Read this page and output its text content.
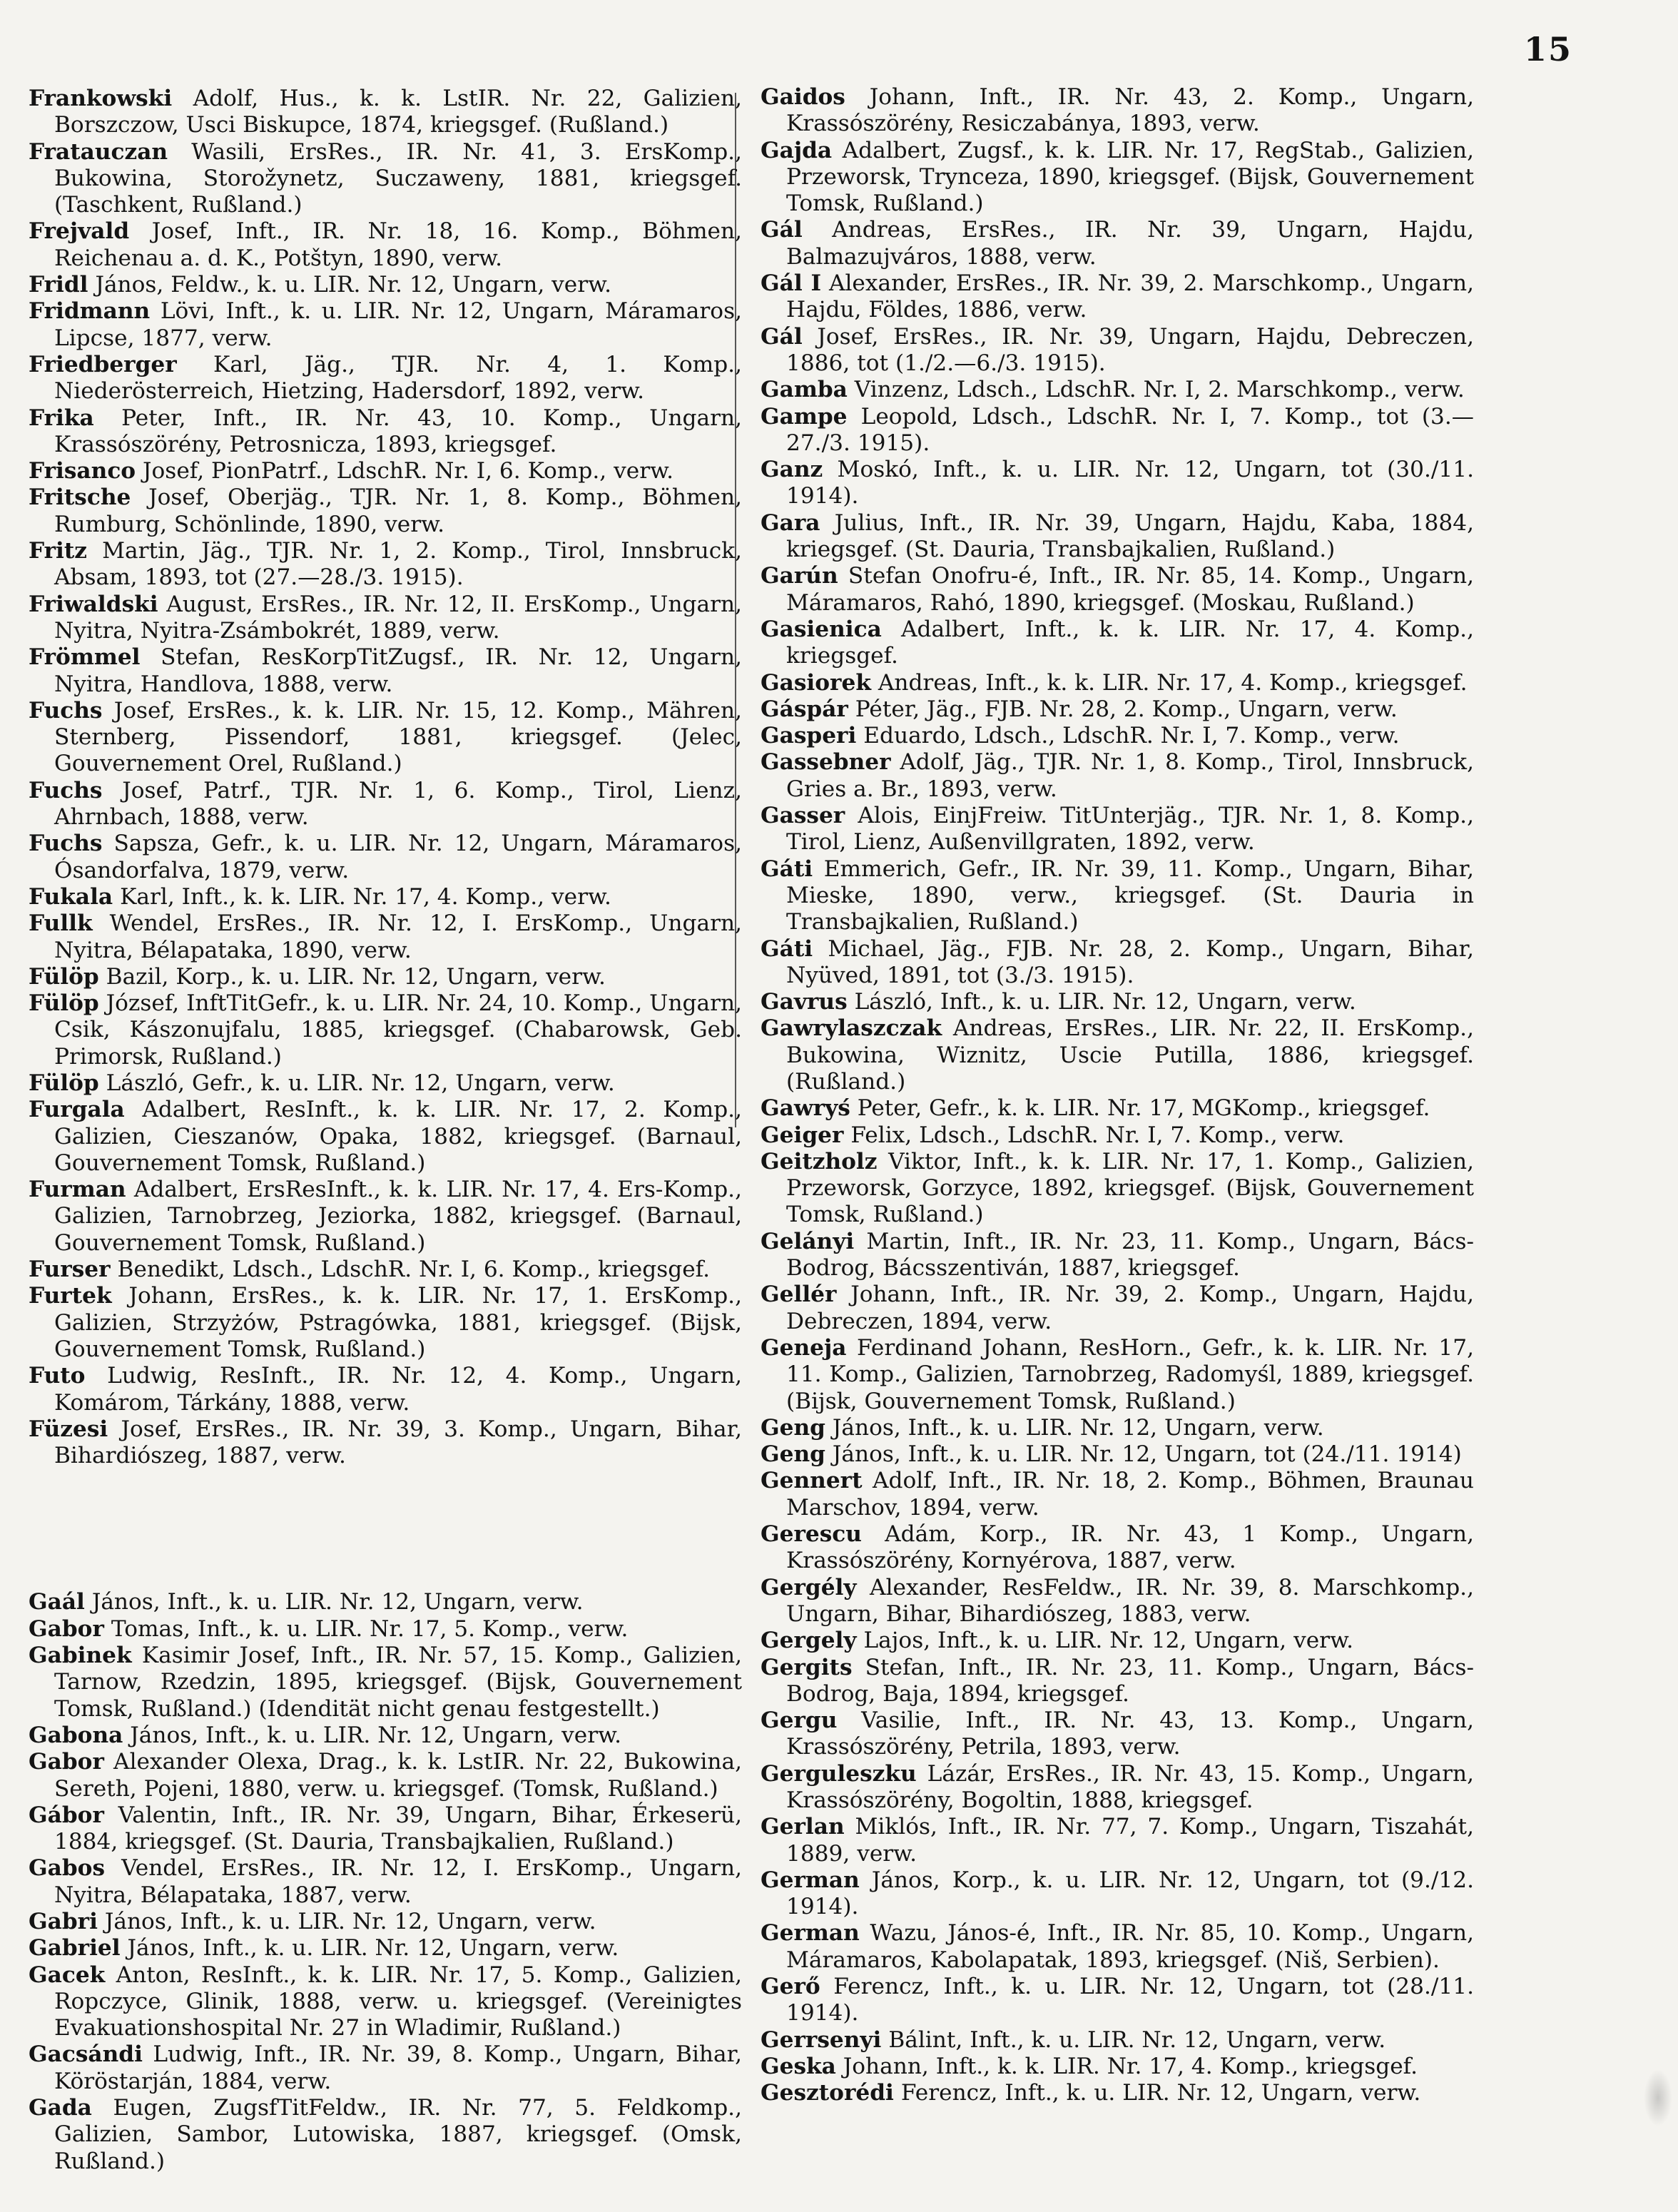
15

Frankowski Adolf, Hus., k. k. LstIR. Nr. 22, Galizien, Borszczow, Usci Biskupce, 1874, kriegsgef. (Rußland.)

Fratauczan Wasili, ErsRes., IR. Nr. 41, 3. ErsKomp., Bukowina, Storožynetz, Suczaweny, 1881, kriegsgef. (Taschkent, Rußland.)

Frejvald Josef, Inft., IR. Nr. 18, 16. Komp., Böhmen, Reichenau a. d. K., Potštyn, 1890, verw.

Fridl János, Feldw., k. u. LIR. Nr. 12, Ungarn, verw.

Fridmann Lövi, Inft., k. u. LIR. Nr. 12, Ungarn, Máramaros, Lipcse, 1877, verw.

Friedberger Karl, Jäg., TJR. Nr. 4, 1. Komp., Niederösterreich, Hietzing, Hadersdorf, 1892, verw.

Frika Peter, Inft., IR. Nr. 43, 10. Komp., Ungarn, Krassószörény, Petrosnicza, 1893, kriegsgef.

Frisanco Josef, PionPatrf., LdschR. Nr. I, 6. Komp., verw.

Fritsche Josef, Oberjäg., TJR. Nr. 1, 8. Komp., Böhmen, Rumburg, Schönlinde, 1890, verw.

Fritz Martin, Jäg., TJR. Nr. 1, 2. Komp., Tirol, Innsbruck, Absam, 1893, tot (27.—28./3. 1915).

Friwaldski August, ErsRes., IR. Nr. 12, II. ErsKomp., Ungarn, Nyitra, Nyitra-Zsámbokrét, 1889, verw.

Frömmel Stefan, ResKorpTitZugsf., IR. Nr. 12, Ungarn, Nyitra, Handlova, 1888, verw.

Fuchs Josef, ErsRes., k. k. LIR. Nr. 15, 12. Komp., Mähren, Sternberg, Pissendorf, 1881, kriegsgef. (Jelec, Gouvernement Orel, Rußland.)

Fuchs Josef, Patrf., TJR. Nr. 1, 6. Komp., Tirol, Lienz, Ahrnbach, 1888, verw.

Fuchs Sapsza, Gefr., k. u. LIR. Nr. 12, Ungarn, Máramaros, Ósandorfalva, 1879, verw.

Fukala Karl, Inft., k. k. LIR. Nr. 17, 4. Komp., verw.

Fullk Wendel, ErsRes., IR. Nr. 12, I. ErsKomp., Ungarn, Nyitra, Bélapataka, 1890, verw.

Fülöp Bazil, Korp., k. u. LIR. Nr. 12, Ungarn, verw.

Fülöp József, InftTitGefr., k. u. LIR. Nr. 24, 10. Komp., Ungarn, Csik, Kászonujfalu, 1885, kriegsgef. (Chabarowsk, Geb. Primorsk, Rußland.)

Fülöp László, Gefr., k. u. LIR. Nr. 12, Ungarn, verw.

Furgala Adalbert, ResInft., k. k. LIR. Nr. 17, 2. Komp., Galizien, Cieszanów, Opaka, 1882, kriegsgef. (Barnaul, Gouvernement Tomsk, Rußland.)

Furman Adalbert, ErsResInft., k. k. LIR. Nr. 17, 4. Ers-Komp., Galizien, Tarnobrzeg, Jeziorka, 1882, kriegsgef. (Barnaul, Gouvernement Tomsk, Rußland.)

Furser Benedikt, Ldsch., LdschR. Nr. I, 6. Komp., kriegsgef.

Furtek Johann, ErsRes., k. k. LIR. Nr. 17, 1. ErsKomp., Galizien, Strzyżów, Pstragówka, 1881, kriegsgef. (Bijsk, Gouvernement Tomsk, Rußland.)

Futo Ludwig, ResInft., IR. Nr. 12, 4. Komp., Ungarn, Komárom, Tárkány, 1888, verw.

Füzesi Josef, ErsRes., IR. Nr. 39, 3. Komp., Ungarn, Bihar, Bihardiószeg, 1887, verw.

Gaál János, Inft., k. u. LIR. Nr. 12, Ungarn, verw.

Gabor Tomas, Inft., k. u. LIR. Nr. 17, 5. Komp., verw.

Gabinek Kasimir Josef, Inft., IR. Nr. 57, 15. Komp., Galizien, Tarnow, Rzedzin, 1895, kriegsgef. (Bijsk, Gouvernement Tomsk, Rußland.) (Idendität nicht genau festgestellt.)

Gabona János, Inft., k. u. LIR. Nr. 12, Ungarn, verw.

Gabor Alexander Olexa, Drag., k. k. LstIR. Nr. 22, Bukowina, Sereth, Pojeni, 1880, verw. u. kriegsgef. (Tomsk, Rußland.)

Gábor Valentin, Inft., IR. Nr. 39, Ungarn, Bihar, Érkeserü, 1884, kriegsgef. (St. Dauria, Transbajkalien, Rußland.)

Gabos Vendel, ErsRes., IR. Nr. 12, I. ErsKomp., Ungarn, Nyitra, Bélapataka, 1887, verw.

Gabri János, Inft., k. u. LIR. Nr. 12, Ungarn, verw.

Gabriel János, Inft., k. u. LIR. Nr. 12, Ungarn, verw.

Gacek Anton, ResInft., k. k. LIR. Nr. 17, 5. Komp., Galizien, Ropczyce, Glinik, 1888, verw. u. kriegsgef. (Vereinigtes Evakuationshospital Nr. 27 in Wladimir, Rußland.)

Gacsándi Ludwig, Inft., IR. Nr. 39, 8. Komp., Ungarn, Bihar, Köröstarján, 1884, verw.

Gada Eugen, ZugsfTitFeldw., IR. Nr. 77, 5. Feldkomp., Galizien, Sambor, Lutowiska, 1887, kriegsgef. (Omsk, Rußland.)

Gaidos Johann, Inft., IR. Nr. 43, 2. Komp., Ungarn, Krassószörény, Resiczabánya, 1893, verw.

Gajda Adalbert, Zugsf., k. k. LIR. Nr. 17, RegStab., Galizien, Przeworsk, Trynceza, 1890, kriegsgef. (Bijsk, Gouvernement Tomsk, Rußland.)

Gál Andreas, ErsRes., IR. Nr. 39, Ungarn, Hajdu, Balmazujváros, 1888, verw.

Gál I Alexander, ErsRes., IR. Nr. 39, 2. Marschkomp., Ungarn, Hajdu, Földes, 1886, verw.

Gál Josef, ErsRes., IR. Nr. 39, Ungarn, Hajdu, Debreczen, 1886, tot (1./2.—6./3. 1915).

Gamba Vinzenz, Ldsch., LdschR. Nr. I, 2. Marschkomp., verw.

Gampe Leopold, Ldsch., LdschR. Nr. I, 7. Komp., tot (3.—27./3. 1915).

Ganz Moskó, Inft., k. u. LIR. Nr. 12, Ungarn, tot (30./11. 1914).

Gara Julius, Inft., IR. Nr. 39, Ungarn, Hajdu, Kaba, 1884, kriegsgef. (St. Dauria, Transbajkalien, Rußland.)

Garún Stefan Onofru-é, Inft., IR. Nr. 85, 14. Komp., Ungarn, Máramaros, Rahó, 1890, kriegsgef. (Moskau, Rußland.)

Gasienica Adalbert, Inft., k. k. LIR. Nr. 17, 4. Komp., kriegsgef.

Gasiorek Andreas, Inft., k. k. LIR. Nr. 17, 4. Komp., kriegsgef.

Gáspár Péter, Jäg., FJB. Nr. 28, 2. Komp., Ungarn, verw.

Gasperi Eduardo, Ldsch., LdschR. Nr. I, 7. Komp., verw.

Gassebner Adolf, Jäg., TJR. Nr. 1, 8. Komp., Tirol, Innsbruck, Gries a. Br., 1893, verw.

Gasser Alois, EinjFreiw. TitUnterjäg., TJR. Nr. 1, 8. Komp., Tirol, Lienz, Außenvillgraten, 1892, verw.

Gáti Emmerich, Gefr., IR. Nr. 39, 11. Komp., Ungarn, Bihar, Mieske, 1890, verw., kriegsgef. (St. Dauria in Transbajkalien, Rußland.)

Gáti Michael, Jäg., FJB. Nr. 28, 2. Komp., Ungarn, Bihar, Nyüved, 1891, tot (3./3. 1915).

Gavrus László, Inft., k. u. LIR. Nr. 12, Ungarn, verw.

Gawrylaszczak Andreas, ErsRes., LIR. Nr. 22, II. ErsKomp., Bukowina, Wiznitz, Uscie Putilla, 1886, kriegsgef. (Rußland.)

Gawryś Peter, Gefr., k. k. LIR. Nr. 17, MGKomp., kriegsgef.

Geiger Felix, Ldsch., LdschR. Nr. I, 7. Komp., verw.

Geitzholz Viktor, Inft., k. k. LIR. Nr. 17, 1. Komp., Galizien, Przeworsk, Gorzyce, 1892, kriegsgef. (Bijsk, Gouvernement Tomsk, Rußland.)

Gelányi Martin, Inft., IR. Nr. 23, 11. Komp., Ungarn, Bács-Bodrog, Bácsszentiván, 1887, kriegsgef.

Gellér Johann, Inft., IR. Nr. 39, 2. Komp., Ungarn, Hajdu, Debreczen, 1894, verw.

Geneja Ferdinand Johann, ResHorn., Gefr., k. k. LIR. Nr. 17, 11. Komp., Galizien, Tarnobrzeg, Radomyśl, 1889, kriegsgef. (Bijsk, Gouvernement Tomsk, Rußland.)

Geng János, Inft., k. u. LIR. Nr. 12, Ungarn, verw.

Geng János, Inft., k. u. LIR. Nr. 12, Ungarn, tot (24./11. 1914)

Gennert Adolf, Inft., IR. Nr. 18, 2. Komp., Böhmen, Braunau Marschov, 1894, verw.

Gerescu Adám, Korp., IR. Nr. 43, 1 Komp., Ungarn, Krassószörény, Kornyérova, 1887, verw.

Gergély Alexander, ResFeldw., IR. Nr. 39, 8. Marschkomp., Ungarn, Bihar, Bihardiószeg, 1883, verw.

Gergely Lajos, Inft., k. u. LIR. Nr. 12, Ungarn, verw.

Gergits Stefan, Inft., IR. Nr. 23, 11. Komp., Ungarn, Bács-Bodrog, Baja, 1894, kriegsgef.

Gergu Vasilie, Inft., IR. Nr. 43, 13. Komp., Ungarn, Krassószörény, Petrila, 1893, verw.

Gerguleszku Lázár, ErsRes., IR. Nr. 43, 15. Komp., Ungarn, Krassószörény, Bogoltin, 1888, kriegsgef.

Gerlan Miklós, Inft., IR. Nr. 77, 7. Komp., Ungarn, Tiszahát, 1889, verw.

German János, Korp., k. u. LIR. Nr. 12, Ungarn, tot (9./12. 1914).

German Wazu, János-é, Inft., IR. Nr. 85, 10. Komp., Ungarn, Máramaros, Kabolapatak, 1893, kriegsgef. (Niš, Serbien).

Gerő Ferencz, Inft., k. u. LIR. Nr. 12, Ungarn, tot (28./11. 1914).

Gerrsenyi Bálint, Inft., k. u. LIR. Nr. 12, Ungarn, verw.

Geska Johann, Inft., k. k. LIR. Nr. 17, 4. Komp., kriegsgef.

Gesztorédi Ferencz, Inft., k. u. LIR. Nr. 12, Ungarn, verw.
